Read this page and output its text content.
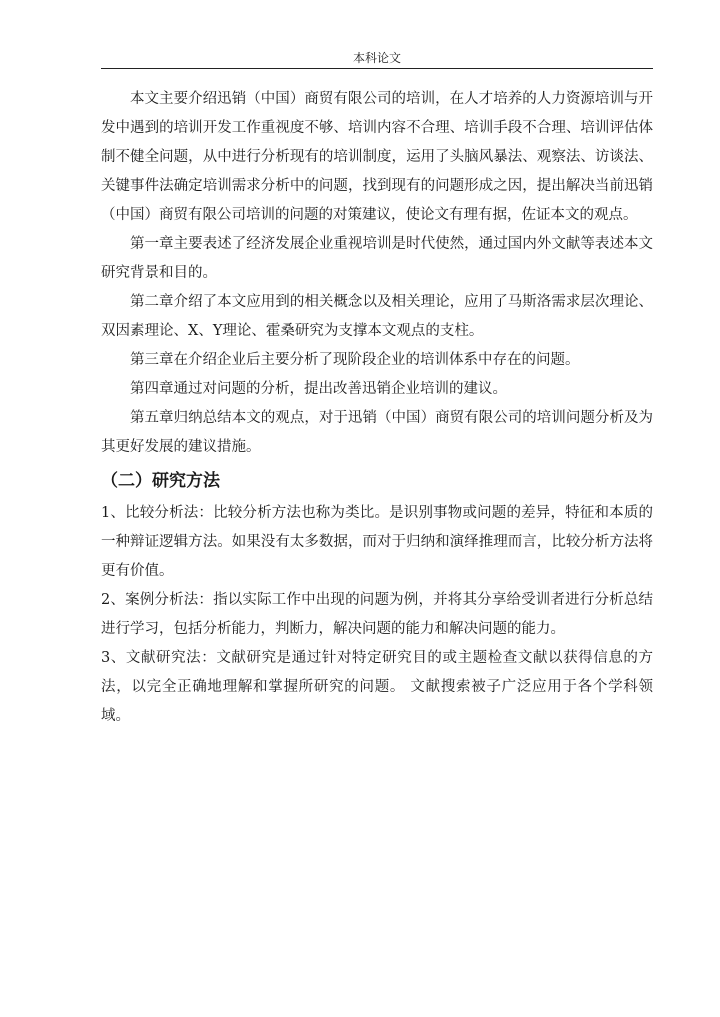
本科论文

本文主要介绍迅销（中国）商贸有限公司的培训，在人才培养的人力资源培训与开发中遇到的培训开发工作重视度不够、培训内容不合理、培训手段不合理、培训评估体制不健全问题，从中进行分析现有的培训制度，运用了头脑风暴法、观察法、访谈法、关键事件法确定培训需求分析中的问题，找到现有的问题形成之因，提出解决当前迅销（中国）商贸有限公司培训的问题的对策建议，使论文有理有据，佐证本文的观点。

第一章主要表述了经济发展企业重视培训是时代使然，通过国内外文献等表述本文研究背景和目的。

第二章介绍了本文应用到的相关概念以及相关理论，应用了马斯洛需求层次理论、双因素理论、X、Y理论、霍桑研究为支撑本文观点的支柱。

第三章在介绍企业后主要分析了现阶段企业的培训体系中存在的问题。

第四章通过对问题的分析，提出改善迅销企业培训的建议。

第五章归纳总结本文的观点，对于迅销（中国）商贸有限公司的培训问题分析及为其更好发展的建议措施。

（二）研究方法

1、比较分析法：比较分析方法也称为类比。是识别事物或问题的差异，特征和本质的一种辩证逻辑方法。如果没有太多数据，而对于归纳和演绎推理而言，比较分析方法将更有价值。

2、案例分析法：指以实际工作中出现的问题为例，并将其分享给受训者进行分析总结进行学习，包括分析能力，判断力，解决问题的能力和解决问题的能力。

3、文献研究法：文献研究是通过针对特定研究目的或主题检查文献以获得信息的方法，以完全正确地理解和掌握所研究的问题。 文献搜索被子广泛应用于各个学科领域。
